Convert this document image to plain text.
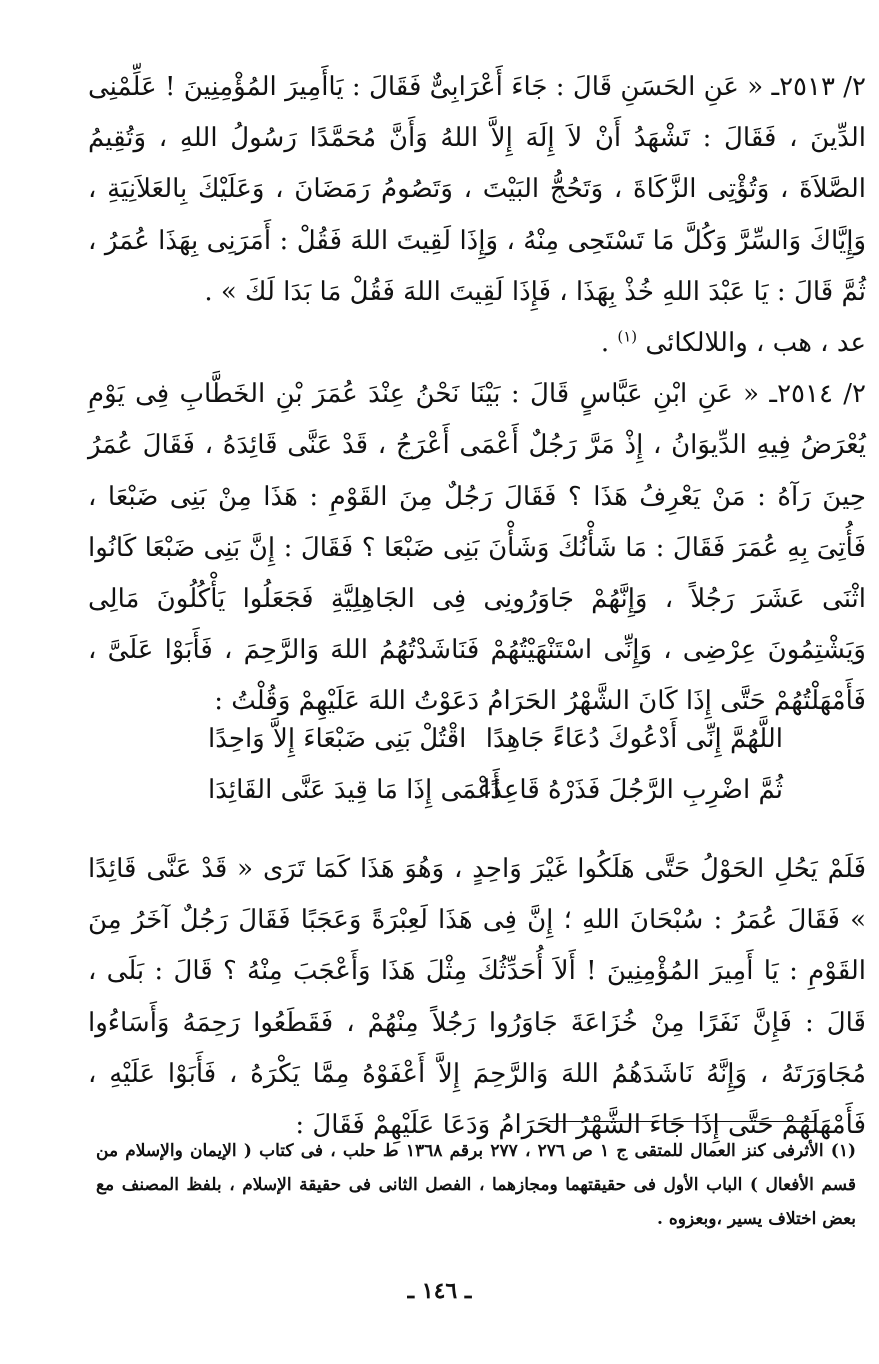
٢/ ٢٥١٣ـ « عَنِ الحَسَنِ قَالَ : جَاءَ أَعْرَابِىٌّ فَقَالَ : يَاأَمِيرَ المُؤْمِنِينَ ! عَلِّمْنِى الدِّينَ ، فَقَالَ : تَشْهَدُ أَنْ لاَ إِلَهَ إِلاَّ اللهُ وَأَنَّ مُحَمَّدًا رَسُولُ اللهِ ، وَتُقِيمُ الصَّلاَةَ ، وَتُؤْتِى الزَّكَاةَ ، وَتَحُجُّ البَيْتَ ، وَتَصُومُ رَمَضَانَ ، وَعَلَيْكَ بِالعَلاَنِيَةِ ، وَإِيَّاكَ وَالسِّرَّ وَكُلَّ مَا تَسْتَحِى مِنْهُ ، وَإِذَا لَقِيتَ اللهَ فَقُلْ : أَمَرَنِى بِهَذَا عُمَرُ ، ثُمَّ قَالَ : يَا عَبْدَ اللهِ خُذْ بِهَذَا ، فَإِذَا لَقِيتَ اللهَ فَقُلْ مَا بَدَا لَكَ » .

عد ، هب ، واللالكائى $^{(١)}$ .

٢/ ٢٥١٤ـ « عَنِ ابْنِ عَبَّاسٍ قَالَ : بَيْنَا نَحْنُ عِنْدَ عُمَرَ بْنِ الخَطَّابِ فِى يَوْمِ يُعْرَضُ فِيهِ الدِّيوَانُ ، إِذْ مَرَّ رَجُلٌ أَعْمَى أَعْرَجُ ، قَدْ عَنَّى قَائِدَهُ ، فَقَالَ عُمَرُ حِينَ رَآهُ : مَنْ يَعْرِفُ هَذَا ؟ فَقَالَ رَجُلٌ مِنَ القَوْمِ : هَذَا مِنْ بَنِى ضَبْعَا ، فَأُتِىَ بِهِ عُمَرَ فَقَالَ : مَا شَأْنُكَ وَشَأْنَ بَنِى ضَبْعَا ؟ فَقَالَ : إِنَّ بَنِى ضَبْعَا كَانُوا اثْنَى عَشَرَ رَجُلاً ، وَإِنَّهُمْ جَاوَرُونِى فِى الجَاهِلِيَّةِ فَجَعَلُوا يَأْكُلُونَ مَالِى وَيَشْتِمُونَ عِرْضِى ، وَإِنِّى اسْتَنْهَيْتُهُمْ فَنَاشَدْتُهُمُ اللهَ وَالرَّحِمَ ، فَأَبَوْا عَلَىَّ ، فَأَمْهَلْتُهُمْ حَتَّى إِذَا كَانَ الشَّهْرُ الحَرَامُ دَعَوْتُ اللهَ عَلَيْهِمْ وَقُلْتُ :

اللَّهُمَّ إِنِّى أَدْعُوكَ دُعَاءً جَاهِدًا
اقْتُلْ بَنِى ضَبْعَاءَ إِلاَّ وَاحِدًا
ثُمَّ اضْرِبِ الرَّجُلَ فَذَرْهُ قَاعِدًا
أَعْمَى إِذَا مَا قِيدَ عَنَّى القَائِدَا

فَلَمْ يَحُلِ الحَوْلُ حَتَّى هَلَكُوا غَيْرَ وَاحِدٍ ، وَهُوَ هَذَا كَمَا تَرَى « قَدْ عَنَّى قَائِدًا » فَقَالَ عُمَرُ : سُبْحَانَ اللهِ ؛ إِنَّ فِى هَذَا لَعِبْرَةً وَعَجَبًا فَقَالَ رَجُلٌ آخَرُ مِنَ القَوْمِ : يَا أَمِيرَ المُؤْمِنِينَ ! أَلاَ أُحَدِّثُكَ مِثْلَ هَذَا وَأَعْجَبَ مِنْهُ ؟ قَالَ : بَلَى ، قَالَ : فَإِنَّ نَفَرًا مِنْ خُزَاعَةَ جَاوَرُوا رَجُلاً مِنْهُمْ ، فَقَطَعُوا رَحِمَهُ وَأَسَاءُوا مُجَاوَرَتَهُ ، وَإِنَّهُ نَاشَدَهُمُ اللهَ وَالرَّحِمَ إِلاَّ أَعْفَوْهُ مِمَّا يَكْرَهُ ، فَأَبَوْا عَلَيْهِ ، فَأَمْهَلَهُمْ حَتَّى إِذَا جَاءَ الشَّهْرُ الحَرَامُ وَدَعَا عَلَيْهِمْ فَقَالَ :

(١) الأثرفى كنز العمال للمتقى ج ١ ص ٢٧٦ ، ٢٧٧ برقم ١٣٦٨ ط حلب ، فى كتاب ( الإيمان والإسلام من قسم الأفعال ) الباب الأول فى حقيقتهما ومجازهما ، الفصل الثانى فى حقيقة الإسلام ، بلفظ المصنف مع بعض اختلاف يسير ،وبعزوه .
ـ ١٤٦ ـ
